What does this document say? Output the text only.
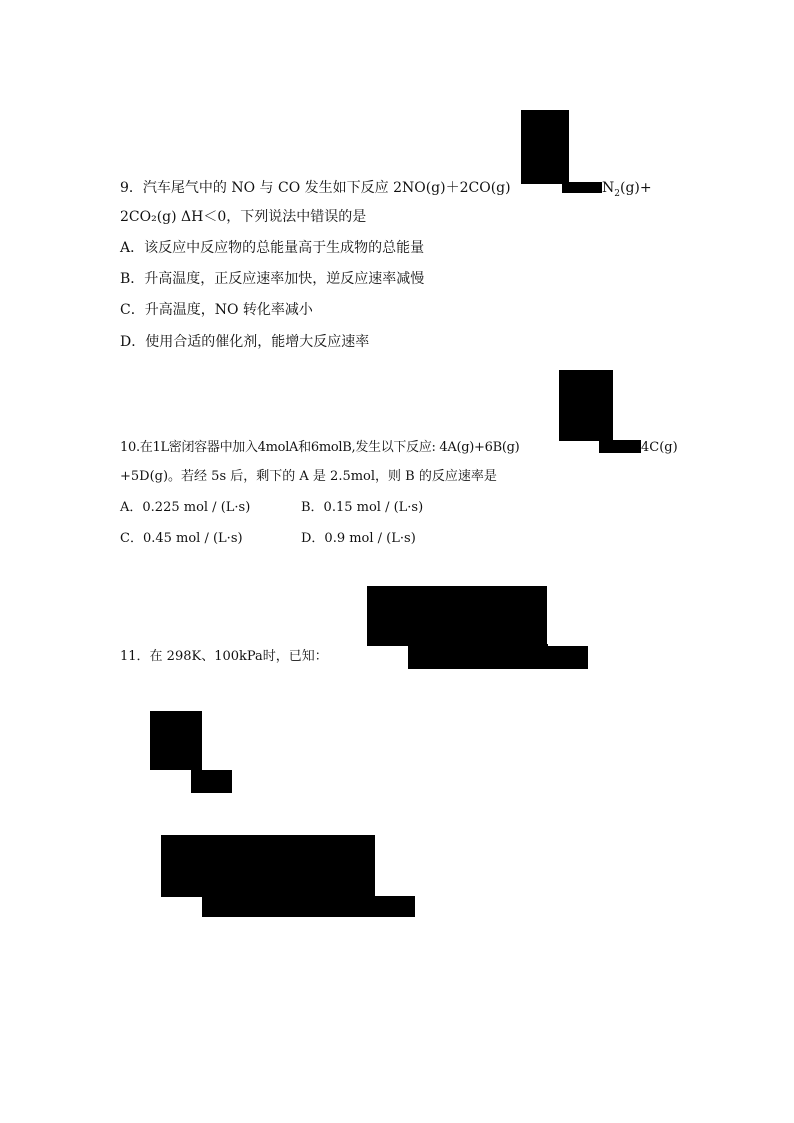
9．汽车尾气中的 NO 与 CO 发生如下反应 2NO(g)＋2CO(g)	$N_2(g)+$
2CO₂(g) ΔH＜0，下列说法中错误的是
A．该反应中反应物的总能量高于生成物的总能量
B．升高温度，正反应速率加快，逆反应速率减慢
C．升高温度，NO 转化率减小
D．使用合适的催化剂，能增大反应速率
10.在1L密闭容器中加入4molA和6molB,发生以下反应: 4A(g)+6B(g)	4C(g)
+5D(g)。若经 5s 后，剩下的 A 是 2.5mol，则 B 的反应速率是
A．0.225 mol / (L·s)	B．0.15 mol / (L·s)
C．0.45 mol / (L·s)	D．0.9 mol / (L·s)
11．在 298K、100kPa时，已知：
